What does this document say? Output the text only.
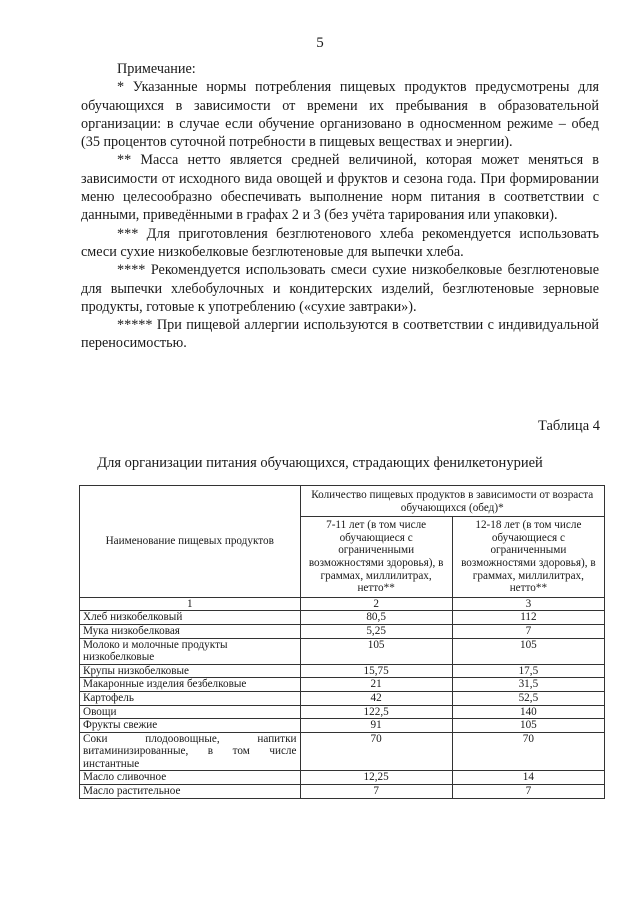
5

Примечание:

* Указанные нормы потребления пищевых продуктов предусмотрены для обучающихся в зависимости от времени их пребывания в образовательной организации: в случае если обучение организовано в односменном режиме – обед (35 процентов суточной потребности в пищевых веществах и энергии).

** Масса нетто является средней величиной, которая может меняться в зависимости от исходного вида овощей и фруктов и сезона года. При формировании меню целесообразно обеспечивать выполнение норм питания в соответствии с данными, приведёнными в графах 2 и 3 (без учёта тарирования или упаковки).

*** Для приготовления безглютенового хлеба рекомендуется использовать смеси сухие низкобелковые безглютеновые для выпечки хлеба.

**** Рекомендуется использовать смеси сухие низкобелковые безглютеновые для выпечки хлебобулочных и кондитерских изделий, безглютеновые зерновые продукты, готовые к употреблению («сухие завтраки»).

***** При пищевой аллергии используются в соответствии с индивидуальной переносимостью.

Таблица 4
Для организации питания обучающихся, страдающих фенилкетонурией
Наименование пищевых продуктов	Количество пищевых продуктов в зависимости от возраста обучающихся (обед)*	
	7-11 лет (в том числе обучающиеся с ограниченными возможностями здоровья), в граммах, миллилитрах, нетто**	12-18 лет (в том числе обучающиеся с ограниченными возможностями здоровья), в граммах, миллилитрах, нетто**
1	2	3
Хлеб низкобелковый	80,5	112
Мука низкобелковая	5,25	7
Молоко и молочные продукты низкобелковые	105	105
Крупы низкобелковые	15,75	17,5
Макаронные изделия безбелковые	21	31,5
Картофель	42	52,5
Овощи	122,5	140
Фрукты свежие	91	105
Соки плодоовощные, напитки витаминизированные, в том числе инстантные	70	70
Масло сливочное	12,25	14
Масло растительное	7	7
